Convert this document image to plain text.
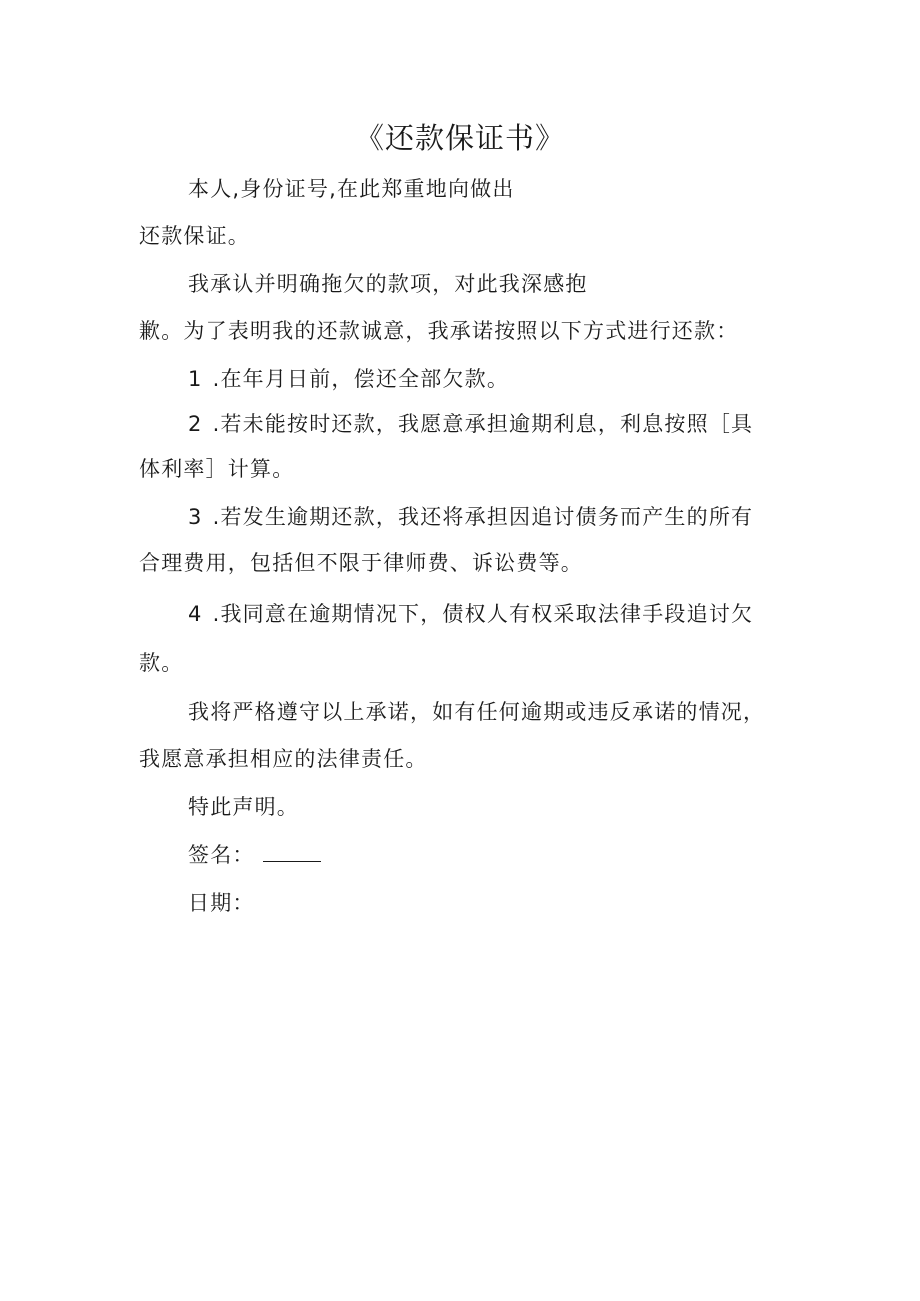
《还款保证书》
本人,身份证号,在此郑重地向做出
还款保证。
我承认并明确拖欠的款项，对此我深感抱
歉。为了表明我的还款诚意，我承诺按照以下方式进行还款：
1 .在年月日前，偿还全部欠款。
2 .若未能按时还款，我愿意承担逾期利息，利息按照［具
体利率］计算。
3 .若发生逾期还款，我还将承担因追讨债务而产生的所有
合理费用，包括但不限于律师费、诉讼费等。
4 .我同意在逾期情况下，债权人有权采取法律手段追讨欠
款。
我将严格遵守以上承诺，如有任何逾期或违反承诺的情况，
我愿意承担相应的法律责任。
特此声明。
签名：
日期：
